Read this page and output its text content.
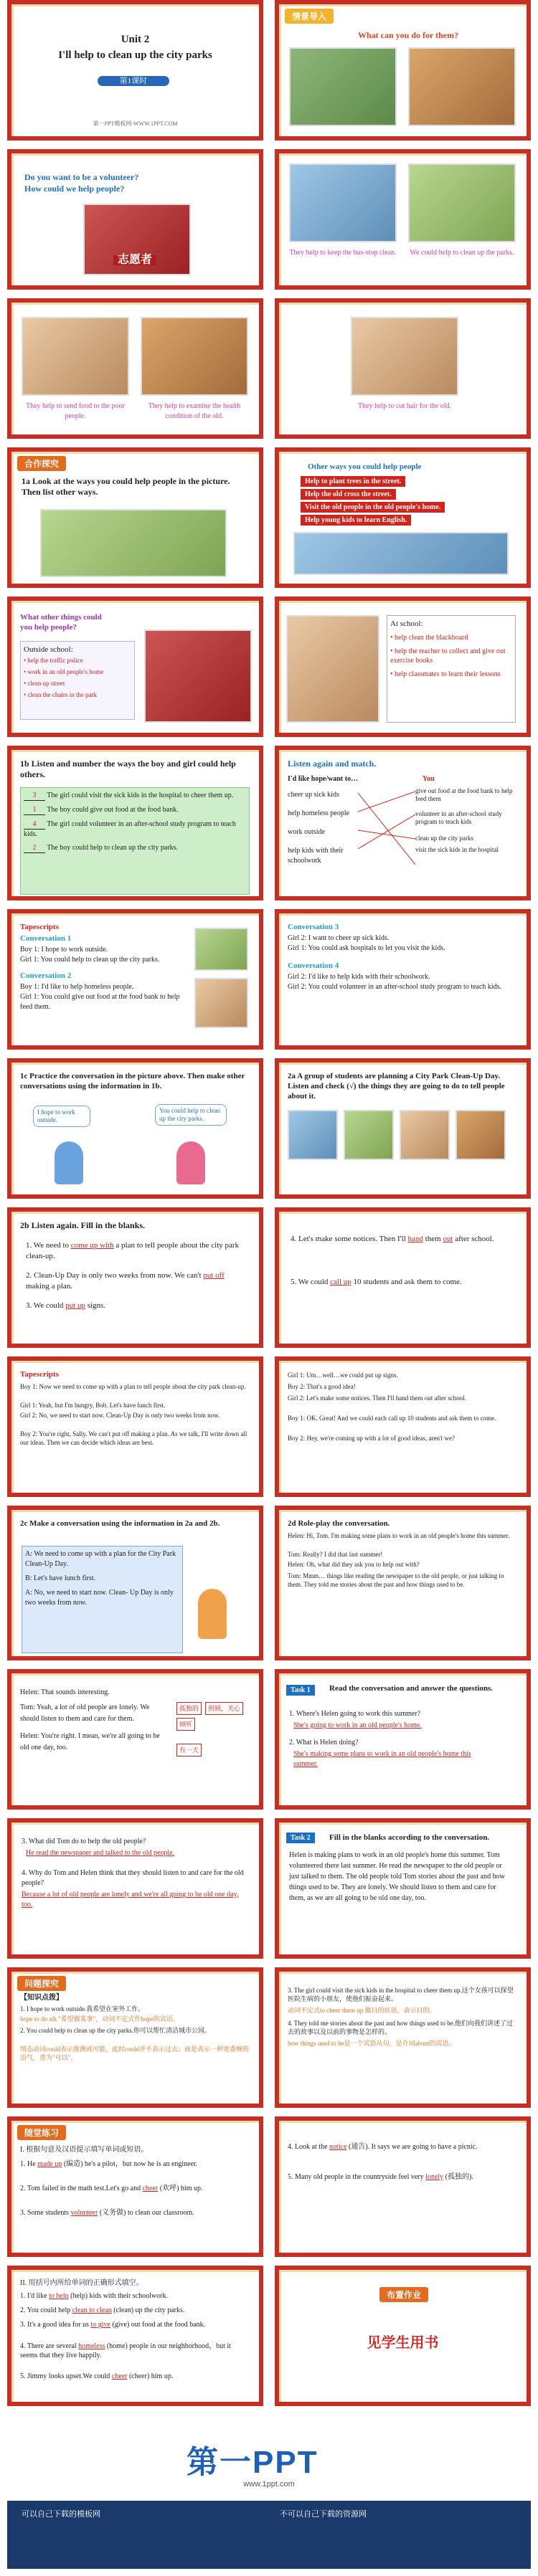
Unit 2
I'll help to clean up the city parks
第1课时
第一PPT模板网-WWW.1PPT.COM
情景导入
What can you do for them?
Do you want to be a volunteer?
How could we help people?
志愿者
They help to keep the bus-stop clean. We could help to clean up the parks.
They help to send food to the poor people.
They help to examine the health condition of the old.
They help to cut hair for the old.
合作探究
1a Look at the ways you could help people in the picture. Then list other ways.
Other ways you could help people
Help to plant trees in the street.
Help the old cross the street.
Visit the old people in the old people's home.
Help young kids to learn English.
What other things could you help people?
Outside school:
• help the traffic police
• work in an old people's home
• clean up street
• clean the chairs in the park
At school:
• help clean the blackboard
• help the teacher to collect and give out exercise books
• help classmates to learn their lessons
1b Listen and number the ways the boy and girl could help others.
3 The girl could visit the sick kids in the hospital to cheer them up.
1 The boy could give out food at the food bank.
4 The girl could volunteer in an after-school study program to teach kids.
2 The boy could help to clean up the city parks.
Listen again and match.
I'd like hope/want to…	You
cheer up sick kids
help homeless people
work outside
help kids with their schoolwork
give out food at the food bank to help feed them
volunteer in an after-school study program to teach kids
clean up the city parks
visit the sick kids in the hospital
Tapescripts
Conversation 1
Boy 1: I hope to work outside.
Girl 1: You could help to clean up the city parks.
Conversation 2
Boy 1: I'd like to help homeless people.
Girl 1: You could give out food at the food bank to help feed them.
Conversation 3
Girl 2: I want to cheer up sick kids.
Girl 1: You could ask hospitals to let you visit the kids.
Conversation 4
Girl 2: I'd like to help kids with their schoolwork.
Girl 2: You could volunteer in an after-school study program to teach kids.
1c Practice the conversation in the picture above. Then make other conversations using the information in 1b.
I hope to work outside.
You could help to clean up the city parks.
2a A group of students are planning a City Park Clean-Up Day. Listen and check (√) the things they are going to do to tell people about it.
2b Listen again. Fill in the blanks.
1. We need to come up with a plan to tell people about the city park clean-up.
2. Clean-Up Day is only two weeks from now. We can't put off making a plan.
3. We could put up signs.
4. Let's make some notices. Then I'll hand them out after school.
5. We could call up 10 students and ask them to come.
Tapescripts
Boy 1: Now we need to come up with a plan to tell people about the city park clean-up.
Girl 1: Yeah, but I'm hungry, Bob. Let's have lunch first.
Girl 2: No, we need to start now. Clean-Up Day is only two weeks from now.
Boy 2: You're right, Sally. We can't put off making a plan. As we talk, I'll write down all our ideas. Then we can decide which ideas are best.
Girl 1: Um…well…we could put up signs.
Boy 2: That's a good idea!
Girl 2: Let's make some notices. Then I'll hand them out after school.
Boy 1: OK. Great! And we could each call up 10 students and ask them to come.
Boy 2: Hey, we're coming up with a lot of good ideas, aren't we?
2c Make a conversation using the information in 2a and 2b.
A: We need to come up with a plan for the City Park Clean-Up Day.
B: Let's have lunch first.
A: No, we need to start now. Clean- Up Day is only two weeks from now.
2d Role-play the conversation.
Helen: Hi, Tom. I'm making some plans to work in an old people's home this summer.
Tom: Really? I did that last summer!
Helen: Oh, what did they ask you to help out with?
Tom: Mmm… things like reading the newspaper to the old people, or just talking to them. They told me stories about the past and how things used to be.
Helen: That sounds interesting.
Tom: Yeah, a lot of old people are lonely. We should listen to them and care for them.
Helen: You're right. I mean, we're all going to be old one day, too.
孤独的	照顾，关心
倾听
有一天
Task 1	Read the conversation and answer the questions.
1. Where's Helen going to work this summer?
She's going to work in an old people's home.
2. What is Helen doing?
She's making some plans to work in an old people's home this summer.
3. What did Tom do to help the old people?
He read the newspaper and talked to the old people.
4. Why do Tom and Helen think that they should listen to and care for the old people?
Because a lot of old people are lonely and we're all going to be old one day, too.
Task 2	Fill in the blanks according to the conversation.
Helen is making plans to work in an old people's home this summer. Tom volunteered there last summer. He read the newspaper to the old people or just talked to them. The old people told Tom stories about the past and how things used to be. They are lonely. We should listen to them and care for them, as we are all going to be old one day, too.
问题探究
【知识点拨】
1. I hope to work outside.我希望在室外工作。
hope to do sth."希望做某事"，动词不定式作hope的宾语。
2. You could help to clean up the city parks.你可以帮忙清洁城市公园。
情态动词could表示推测或可能，此时could并不表示过去；而是表示一种更委婉的语气，意为"可以"。
3. The girl could visit the sick kids in the hospital to cheer them up.这个女孩可以探望医院生病的小朋友，使他们振奋起来。
动词不定式to cheer them up 做目的状语，表示目的。
4. They told me stories about the past and how things used to be.他们向我们讲述了过去的故事以及以前的事物是怎样的。
how things used to be是一个宾语从句，是介词about的宾语。
随堂练习
I. 根据句意及汉语提示填写单词或短语。
1. He made up (编造) he's a pilot，but now he is an engineer.
2. Tom failed in the math test.Let's go and cheer (欢呼) him up.
3. Some students volunteer (义务做) to clean our classroom.
4. Look at the notice (通告). It says we are going to have a picnic.
5. Many old people in the countryside feel very lonely (孤独的).
II. 用括号内所给单词的正确形式填空。
1. I'd like to help (help) kids with their schoolwork.
2. You could help clean to clean (clean) up the city parks.
3. It's a good idea for us to give (give) out food at the food bank.
4. There are several homeless (home) people in our neighborhood，but it seems that they live happily.
5. Jimmy looks upset.We could cheer (cheer) him up.
布置作业
见学生用书
第一PPT
www.1ppt.com
可以自己下载的模板网	不可以自己下载的资源网
